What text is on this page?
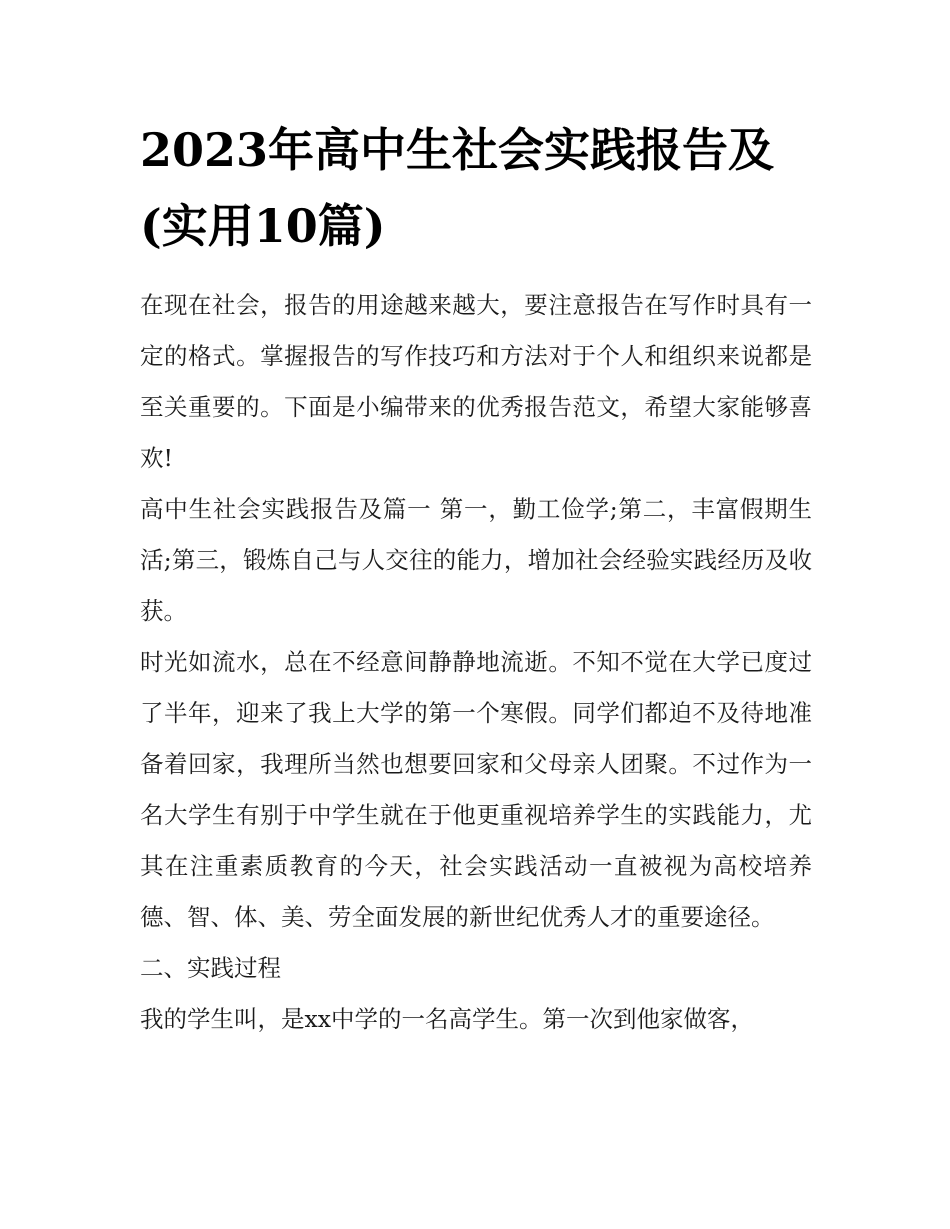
2023年高中生社会实践报告及(实用10篇)

在现在社会，报告的用途越来越大，要注意报告在写作时具有一定的格式。掌握报告的写作技巧和方法对于个人和组织来说都是至关重要的。下面是小编带来的优秀报告范文，希望大家能够喜欢!

高中生社会实践报告及篇一 第一，勤工俭学;第二，丰富假期生活;第三，锻炼自己与人交往的能力，增加社会经验实践经历及收获。

时光如流水，总在不经意间静静地流逝。不知不觉在大学已度过了半年，迎来了我上大学的第一个寒假。同学们都迫不及待地准备着回家，我理所当然也想要回家和父母亲人团聚。不过作为一名大学生有别于中学生就在于他更重视培养学生的实践能力，尤其在注重素质教育的今天，社会实践活动一直被视为高校培养德、智、体、美、劳全面发展的新世纪优秀人才的重要途径。

二、实践过程

我的学生叫，是xx中学的一名高学生。第一次到他家做客，
